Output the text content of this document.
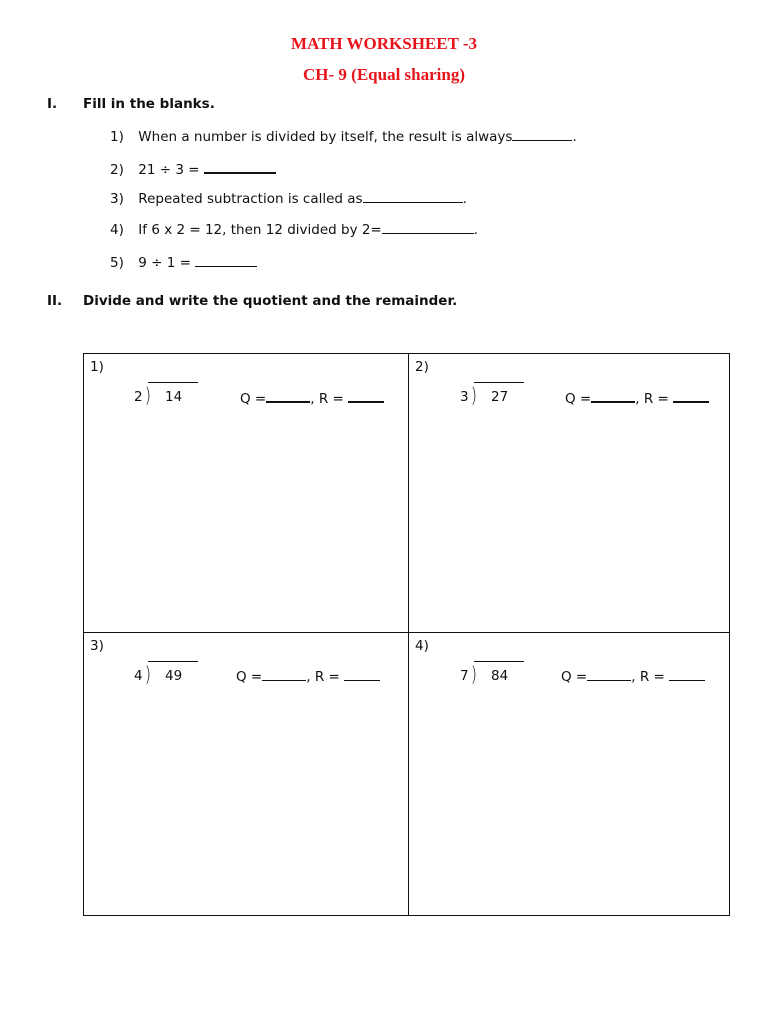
MATH WORKSHEET -3
CH- 9 (Equal sharing)
I. Fill in the blanks.
1) When a number is divided by itself, the result is always	.
2) 21 ÷ 3 =
3) Repeated subtraction is called as	.
4) If 6 x 2 = 12, then 12 divided by 2=	.
5) 9 ÷ 1 =
II. Divide and write the quotient and the remainder.
1)
2 ) 14	Q =	, R =
2)
3 ) 27	Q =	, R =
3)
4 ) 49	Q =	, R =
4)
7 ) 84	Q =	, R =
